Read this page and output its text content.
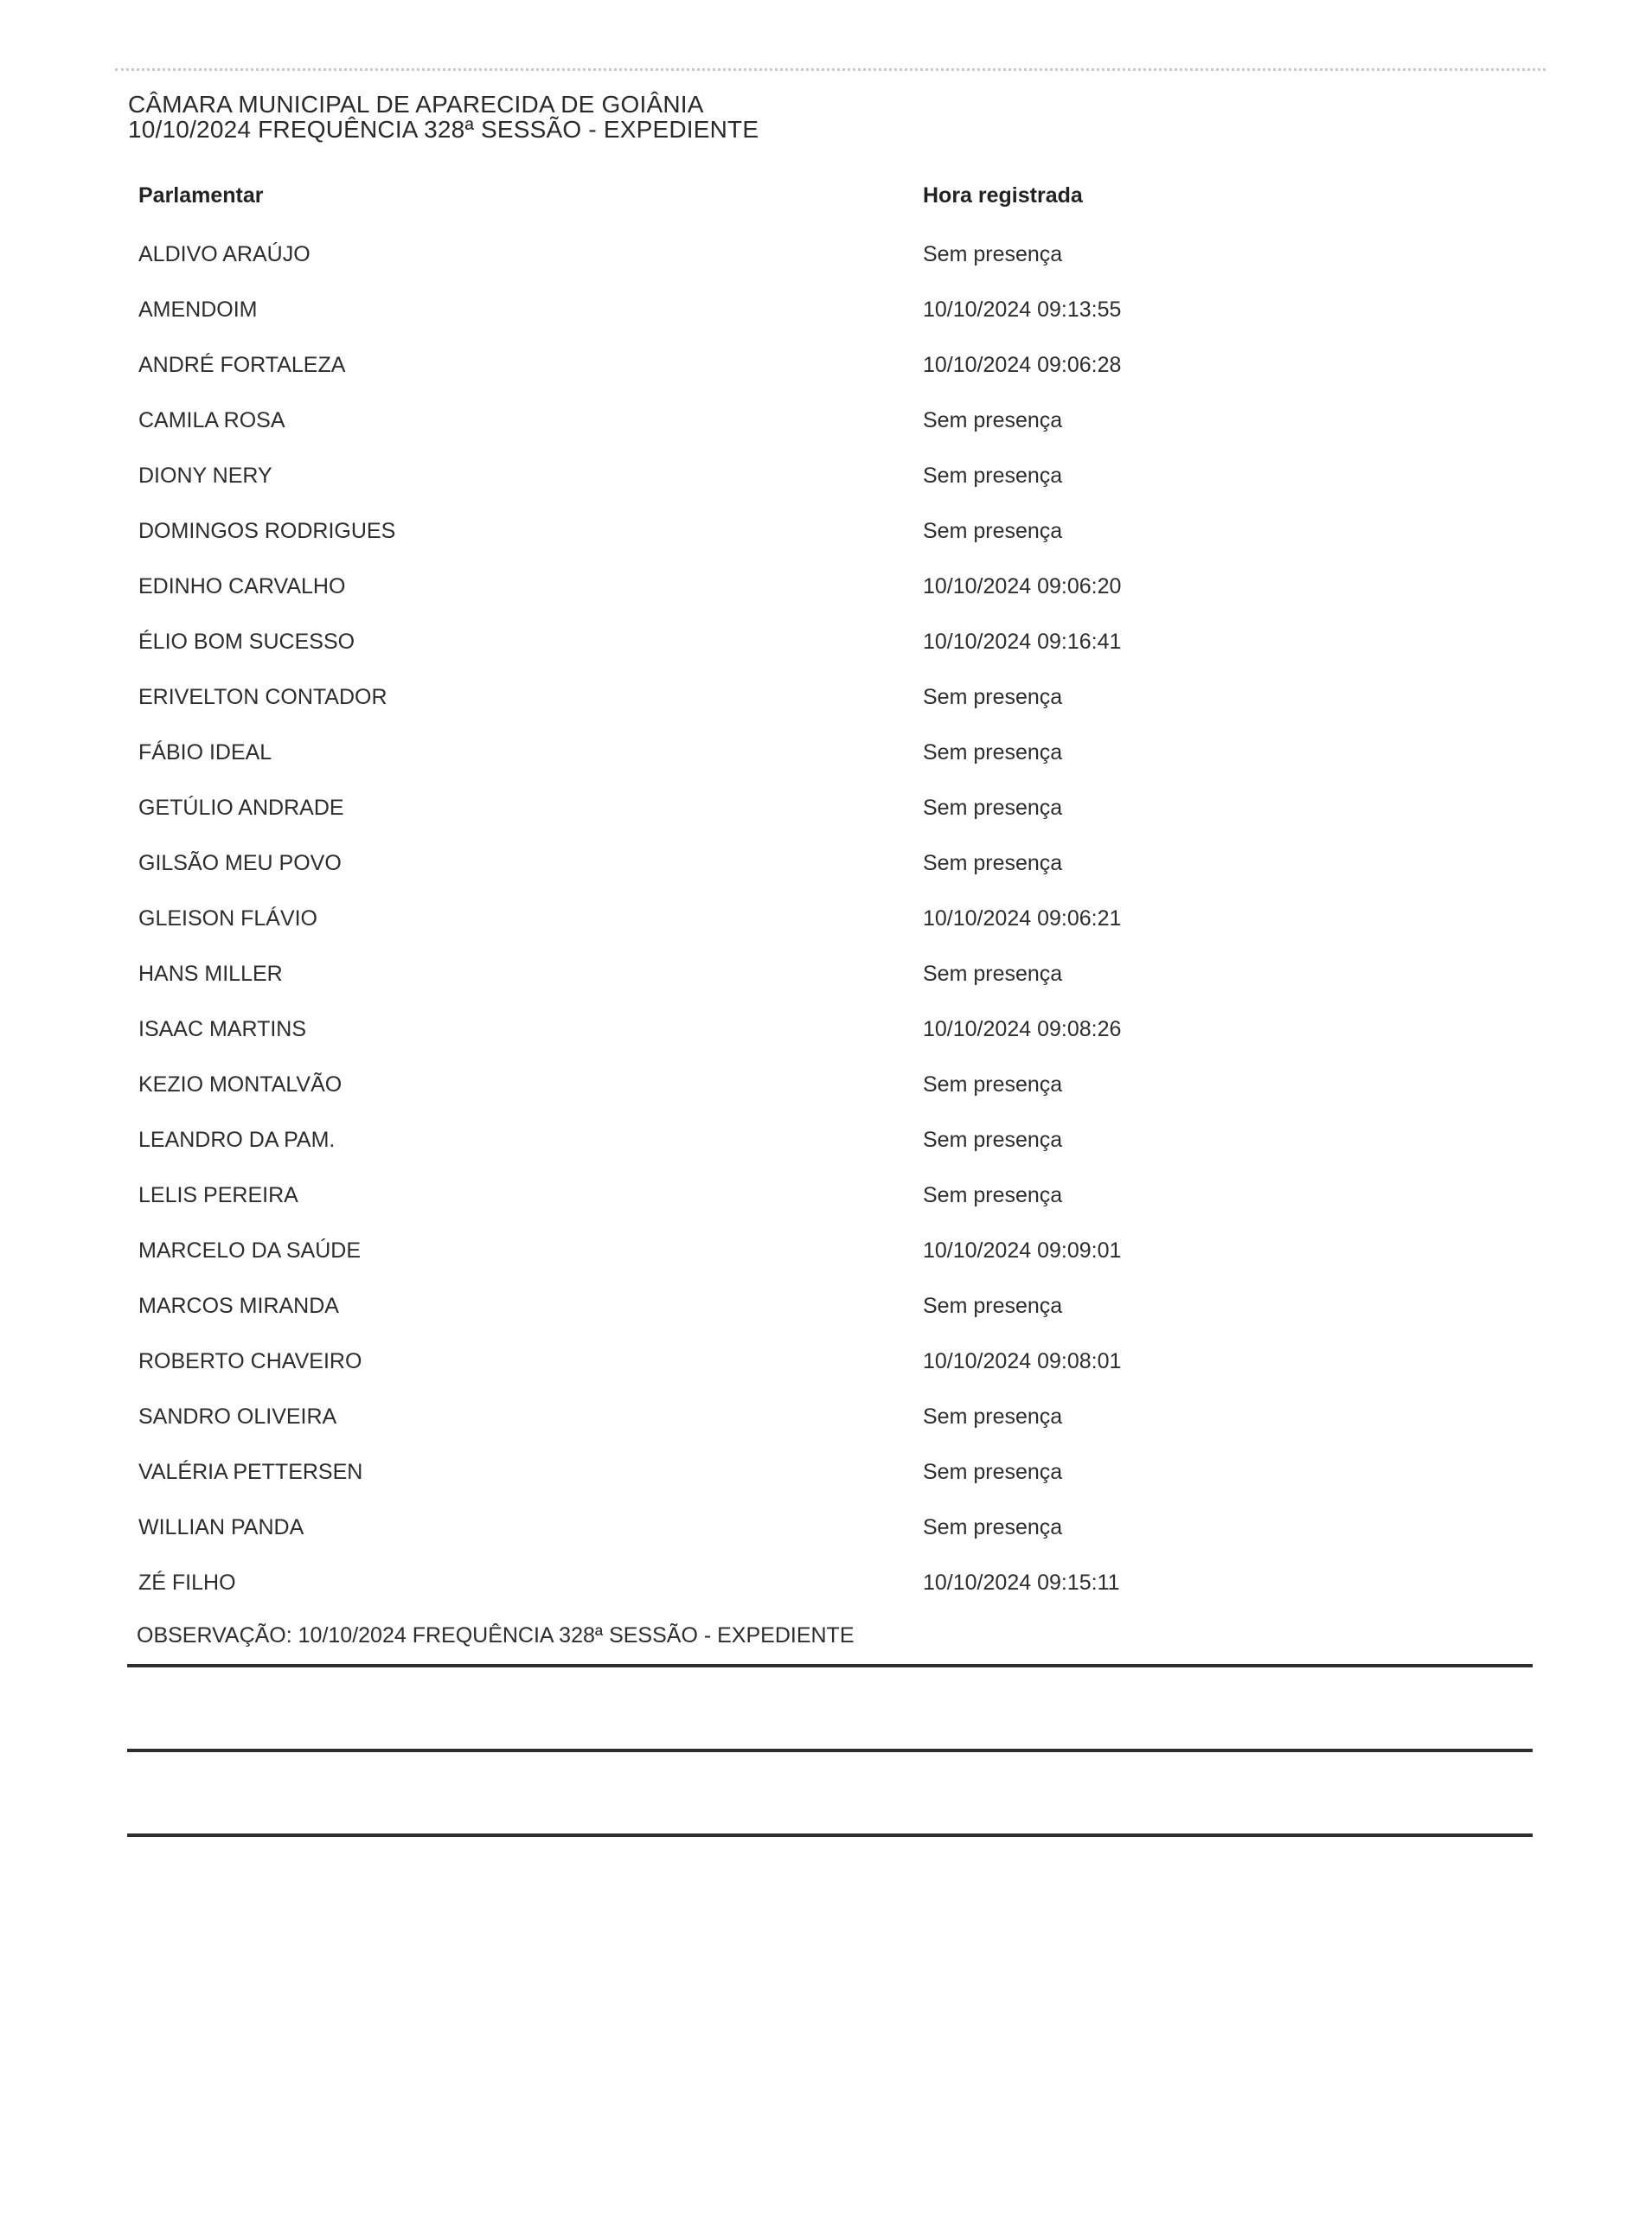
CÂMARA MUNICIPAL DE APARECIDA DE GOIÂNIA
10/10/2024 FREQUÊNCIA 328ª SESSÃO - EXPEDIENTE
Parlamentar	Hora registrada
ALDIVO ARAÚJO	Sem presença
AMENDOIM	10/10/2024 09:13:55
ANDRÉ FORTALEZA	10/10/2024 09:06:28
CAMILA ROSA	Sem presença
DIONY NERY	Sem presença
DOMINGOS RODRIGUES	Sem presença
EDINHO CARVALHO	10/10/2024 09:06:20
ÉLIO BOM SUCESSO	10/10/2024 09:16:41
ERIVELTON CONTADOR	Sem presença
FÁBIO IDEAL	Sem presença
GETÚLIO ANDRADE	Sem presença
GILSÃO MEU POVO	Sem presença
GLEISON FLÁVIO	10/10/2024 09:06:21
HANS MILLER	Sem presença
ISAAC MARTINS	10/10/2024 09:08:26
KEZIO MONTALVÃO	Sem presença
LEANDRO DA PAM.	Sem presença
LELIS PEREIRA	Sem presença
MARCELO DA SAÚDE	10/10/2024 09:09:01
MARCOS MIRANDA	Sem presença
ROBERTO CHAVEIRO	10/10/2024 09:08:01
SANDRO OLIVEIRA	Sem presença
VALÉRIA PETTERSEN	Sem presença
WILLIAN PANDA	Sem presença
ZÉ FILHO	10/10/2024 09:15:11
OBSERVAÇÃO: 10/10/2024 FREQUÊNCIA 328ª SESSÃO - EXPEDIENTE
